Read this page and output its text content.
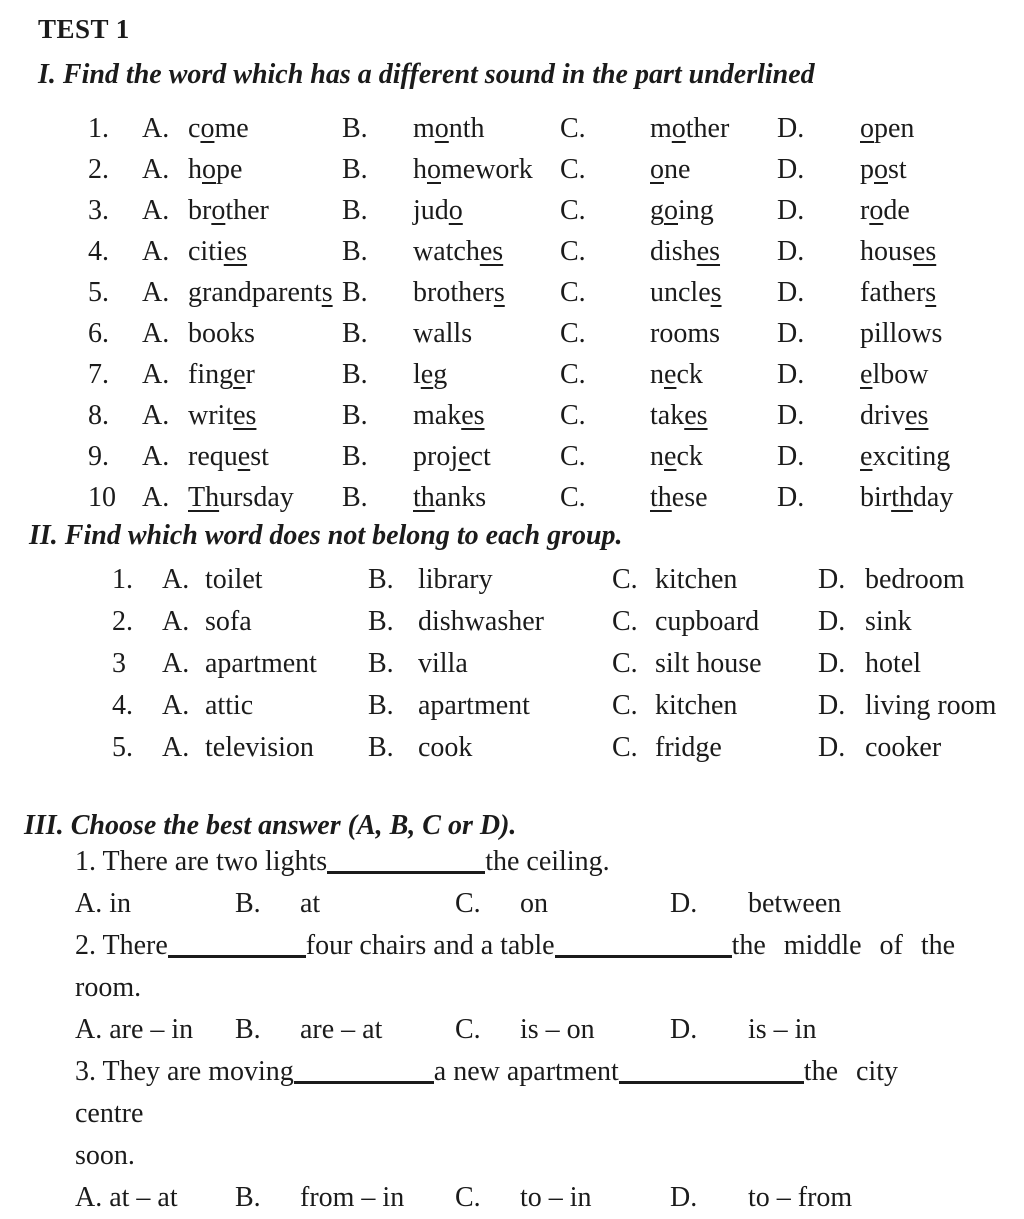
TEST 1
I. Find the word which has a different sound in the part underlined
1.	A. come	B.	month	C.	mother	D.	open
2.	A. hope	B.	homework C.	one	D.	post
3.	A. brother	B.	judo	C.	going	D.	rode
4.	A. cities	B.	watches	C.	dishes	D.	houses
5.	A. grandparents B.	brothers	C.	uncles	D.	fathers
6.	A. books	B.	walls	C.	rooms	D.	pillows
7.	A. finger	B.	leg	C.	neck	D.	elbow
8.	A. writes	B.	makes	C.	takes	D.	drives
9.	A. request	B.	project	C.	neck	D.	exciting
10 A. Thursday	B.	thanks	C.	these	D.	birthday
II. Find which word does not belong to each group.
1.	A. toilet	B. library	C. kitchen	D. bedroom
2.	A. sofa	B. dishwasher	C. cupboard	D. sink
3	A. apartment	B. villa	C. silt house	D. hotel
4.	A. attic	B. apartment	C. kitchen	D. living room
5.	A. television	B. cook	C. fridge	D. cooker
III. Choose the best answer (A, B, C or D).

1. There are two lights	the ceiling.

A. in	B.	at	C.	on	D.	between

2. There	four chairs and a table	the middle of the

room.

A. are – in	B.	are – at	C.	is – on	D.	is – in

3. They are moving	a new apartment	the city centre

soon.

A. at – at	B.	from – in	C.	to – in	D.	to – from
